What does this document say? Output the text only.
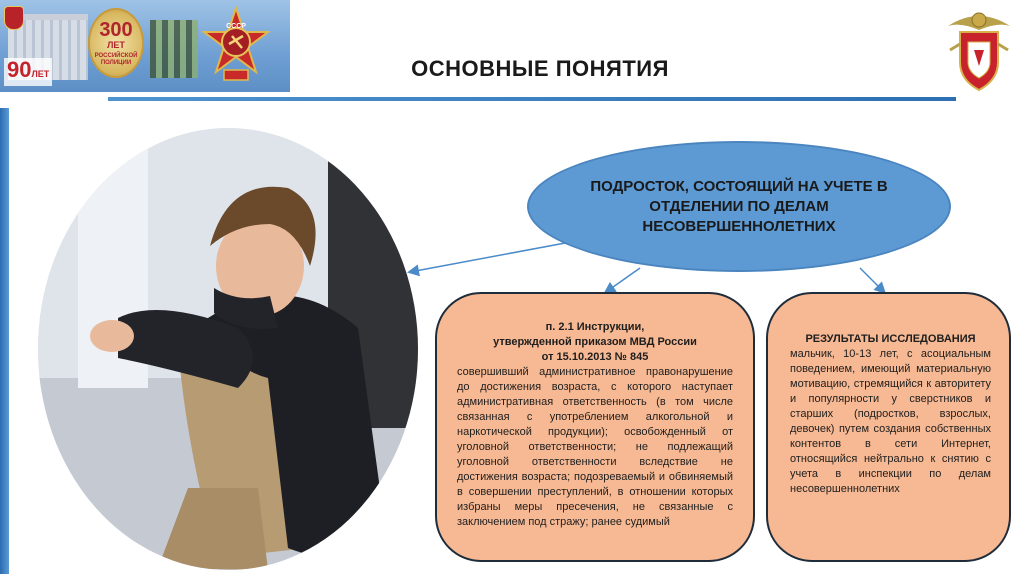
90ЛЕТ
300
ЛЕТ
РОССИЙСКОЙ ПОЛИЦИИ
СССР
ОСНОВНЫЕ ПОНЯТИЯ
ПОДРОСТОК, СОСТОЯЩИЙ НА УЧЕТЕ В ОТДЕЛЕНИИ ПО ДЕЛАМ НЕСОВЕРШЕННОЛЕТНИХ
п. 2.1 Инструкции,
утвержденной приказом МВД России
от 15.10.2013 № 845
совершивший административное правонарушение до достижения возраста, с которого наступает административная ответственность (в том числе связанная с употреблением алкогольной и наркотической продукции); освобожденный от уголовной ответственности; не подлежащий уголовной ответственности вследствие не достижения возраста; подозреваемый и обвиняемый в совершении преступлений, в отношении которых избраны меры пресечения, не связанные с заключением под стражу; ранее судимый
РЕЗУЛЬТАТЫ ИССЛЕДОВАНИЯ
мальчик, 10-13 лет, с асоциальным поведением, имеющий материальную мотивацию, стремящийся к авторитету и популярности у сверстников и старших (подростков, взрослых, девочек) путем создания собственных контентов в сети Интернет, относящийся нейтрально к снятию с учета в инспекции по делам несовершеннолетних
